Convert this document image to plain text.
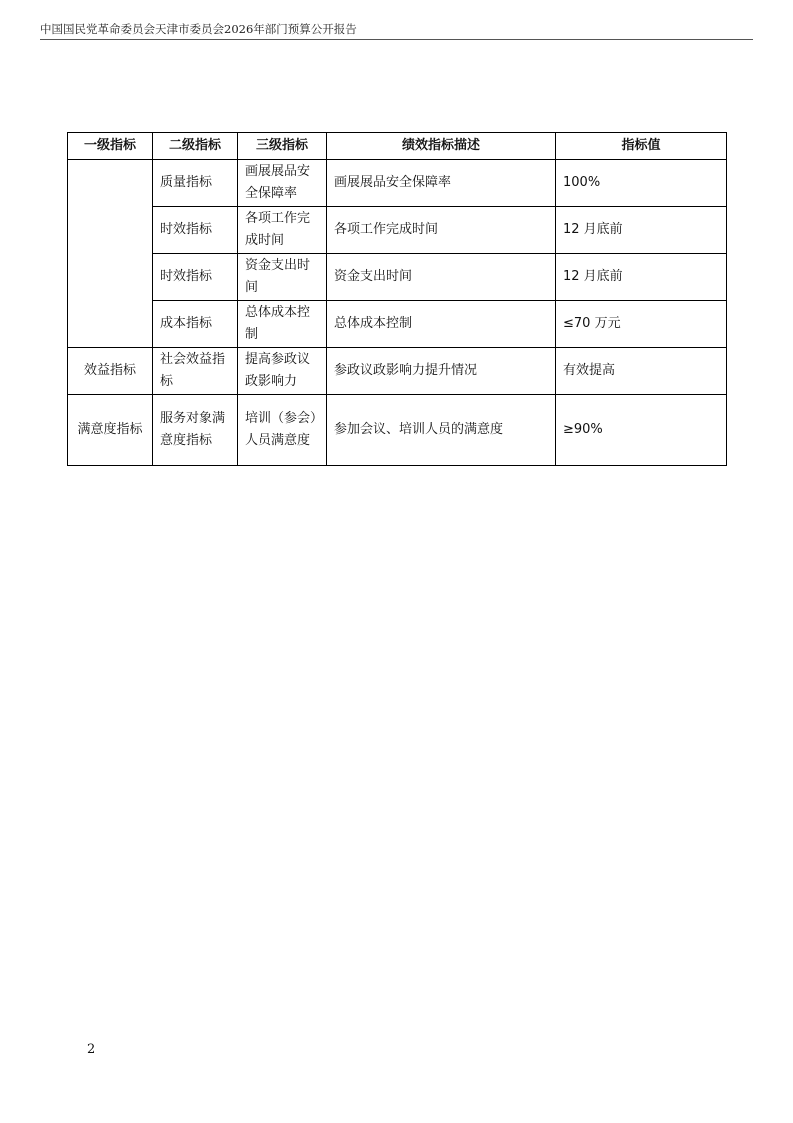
中国国民党革命委员会天津市委员会2026年部门预算公开报告
一级指标	二级指标	三级指标	绩效指标描述	指标值
	质量指标	画展展品安全保障率	画展展品安全保障率	100%
	时效指标	各项工作完成时间	各项工作完成时间	12 月底前
	时效指标	资金支出时间	资金支出时间	12 月底前
	成本指标	总体成本控制	总体成本控制	≤70 万元
效益指标	社会效益指标	提高参政议政影响力	参政议政影响力提升情况	有效提高
满意度指标	服务对象满意度指标	培训（参会）人员满意度	参加会议、培训人员的满意度	≥90%
2
